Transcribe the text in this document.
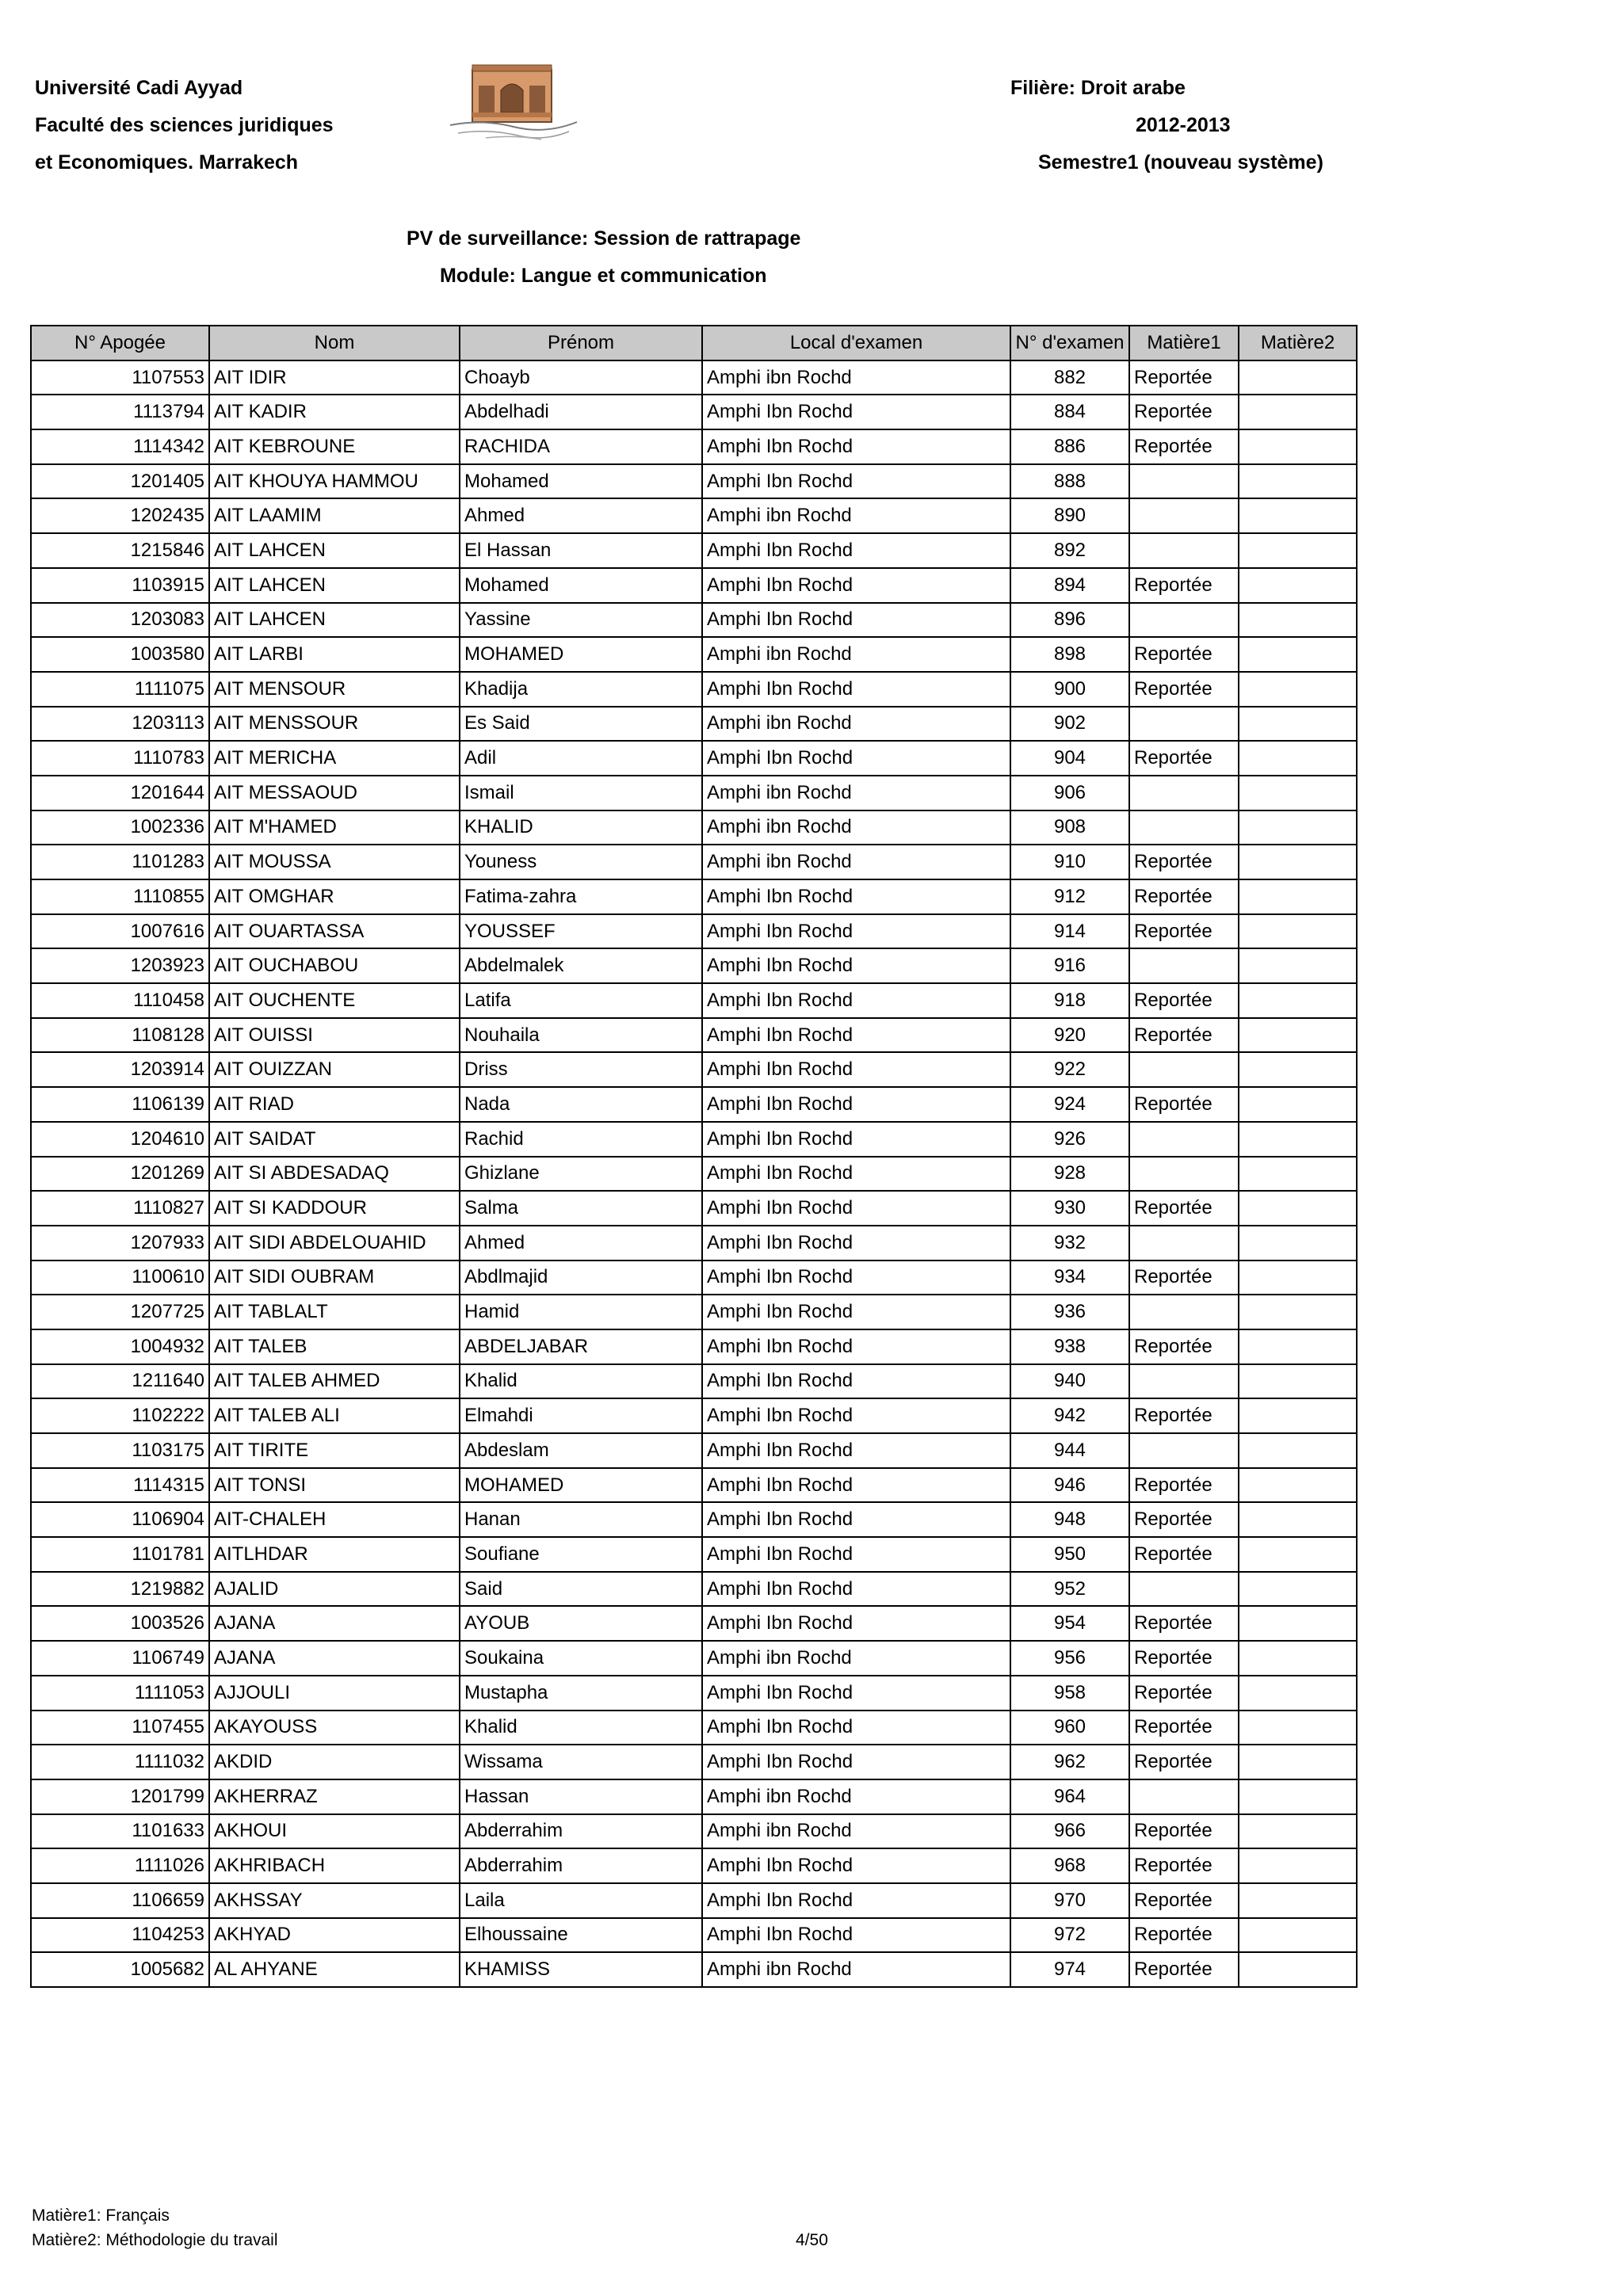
Université Cadi Ayyad
Faculté des sciences juridiques
et Economiques. Marrakech
Filière: Droit arabe
2012-2013
Semestre1 (nouveau système)
PV de surveillance: Session de rattrapage
Module: Langue et communication
N° Apogée	Nom	Prénom	Local d'examen	N° d'examen	Matière1	Matière2
1107553	AIT IDIR	Choayb	Amphi ibn Rochd	882	Reportée	
1113794	AIT KADIR	Abdelhadi	Amphi Ibn Rochd	884	Reportée	
1114342	AIT KEBROUNE	RACHIDA	Amphi Ibn Rochd	886	Reportée	
1201405	AIT KHOUYA HAMMOU	Mohamed	Amphi Ibn Rochd	888		
1202435	AIT LAAMIM	Ahmed	Amphi ibn Rochd	890		
1215846	AIT LAHCEN	El Hassan	Amphi Ibn Rochd	892		
1103915	AIT LAHCEN	Mohamed	Amphi Ibn Rochd	894	Reportée	
1203083	AIT LAHCEN	Yassine	Amphi Ibn Rochd	896		
1003580	AIT LARBI	MOHAMED	Amphi ibn Rochd	898	Reportée	
1111075	AIT MENSOUR	Khadija	Amphi Ibn Rochd	900	Reportée	
1203113	AIT MENSSOUR	Es Said	Amphi ibn Rochd	902		
1110783	AIT MERICHA	Adil	Amphi Ibn Rochd	904	Reportée	
1201644	AIT MESSAOUD	Ismail	Amphi ibn Rochd	906		
1002336	AIT M'HAMED	KHALID	Amphi ibn Rochd	908		
1101283	AIT MOUSSA	Youness	Amphi ibn Rochd	910	Reportée	
1110855	AIT OMGHAR	Fatima-zahra	Amphi Ibn Rochd	912	Reportée	
1007616	AIT OUARTASSA	YOUSSEF	Amphi Ibn Rochd	914	Reportée	
1203923	AIT OUCHABOU	Abdelmalek	Amphi Ibn Rochd	916		
1110458	AIT OUCHENTE	Latifa	Amphi Ibn Rochd	918	Reportée	
1108128	AIT OUISSI	Nouhaila	Amphi Ibn Rochd	920	Reportée	
1203914	AIT OUIZZAN	Driss	Amphi Ibn Rochd	922		
1106139	AIT RIAD	Nada	Amphi Ibn Rochd	924	Reportée	
1204610	AIT SAIDAT	Rachid	Amphi Ibn Rochd	926		
1201269	AIT SI ABDESADAQ	Ghizlane	Amphi Ibn Rochd	928		
1110827	AIT SI KADDOUR	Salma	Amphi Ibn Rochd	930	Reportée	
1207933	AIT SIDI ABDELOUAHID	Ahmed	Amphi Ibn Rochd	932		
1100610	AIT SIDI OUBRAM	Abdlmajid	Amphi Ibn Rochd	934	Reportée	
1207725	AIT TABLALT	Hamid	Amphi Ibn Rochd	936		
1004932	AIT TALEB	ABDELJABAR	Amphi Ibn Rochd	938	Reportée	
1211640	AIT TALEB AHMED	Khalid	Amphi Ibn Rochd	940		
1102222	AIT TALEB ALI	Elmahdi	Amphi Ibn Rochd	942	Reportée	
1103175	AIT TIRITE	Abdeslam	Amphi Ibn Rochd	944		
1114315	AIT TONSI	MOHAMED	Amphi Ibn Rochd	946	Reportée	
1106904	AIT-CHALEH	Hanan	Amphi Ibn Rochd	948	Reportée	
1101781	AITLHDAR	Soufiane	Amphi Ibn Rochd	950	Reportée	
1219882	AJALID	Said	Amphi Ibn Rochd	952		
1003526	AJANA	AYOUB	Amphi Ibn Rochd	954	Reportée	
1106749	AJANA	Soukaina	Amphi ibn Rochd	956	Reportée	
1111053	AJJOULI	Mustapha	Amphi Ibn Rochd	958	Reportée	
1107455	AKAYOUSS	Khalid	Amphi Ibn Rochd	960	Reportée	
1111032	AKDID	Wissama	Amphi Ibn Rochd	962	Reportée	
1201799	AKHERRAZ	Hassan	Amphi ibn Rochd	964		
1101633	AKHOUI	Abderrahim	Amphi ibn Rochd	966	Reportée	
1111026	AKHRIBACH	Abderrahim	Amphi Ibn Rochd	968	Reportée	
1106659	AKHSSAY	Laila	Amphi Ibn Rochd	970	Reportée	
1104253	AKHYAD	Elhoussaine	Amphi Ibn Rochd	972	Reportée	
1005682	AL AHYANE	KHAMISS	Amphi ibn Rochd	974	Reportée	
Matière1: Français
Matière2: Méthodologie du travail	4/50
